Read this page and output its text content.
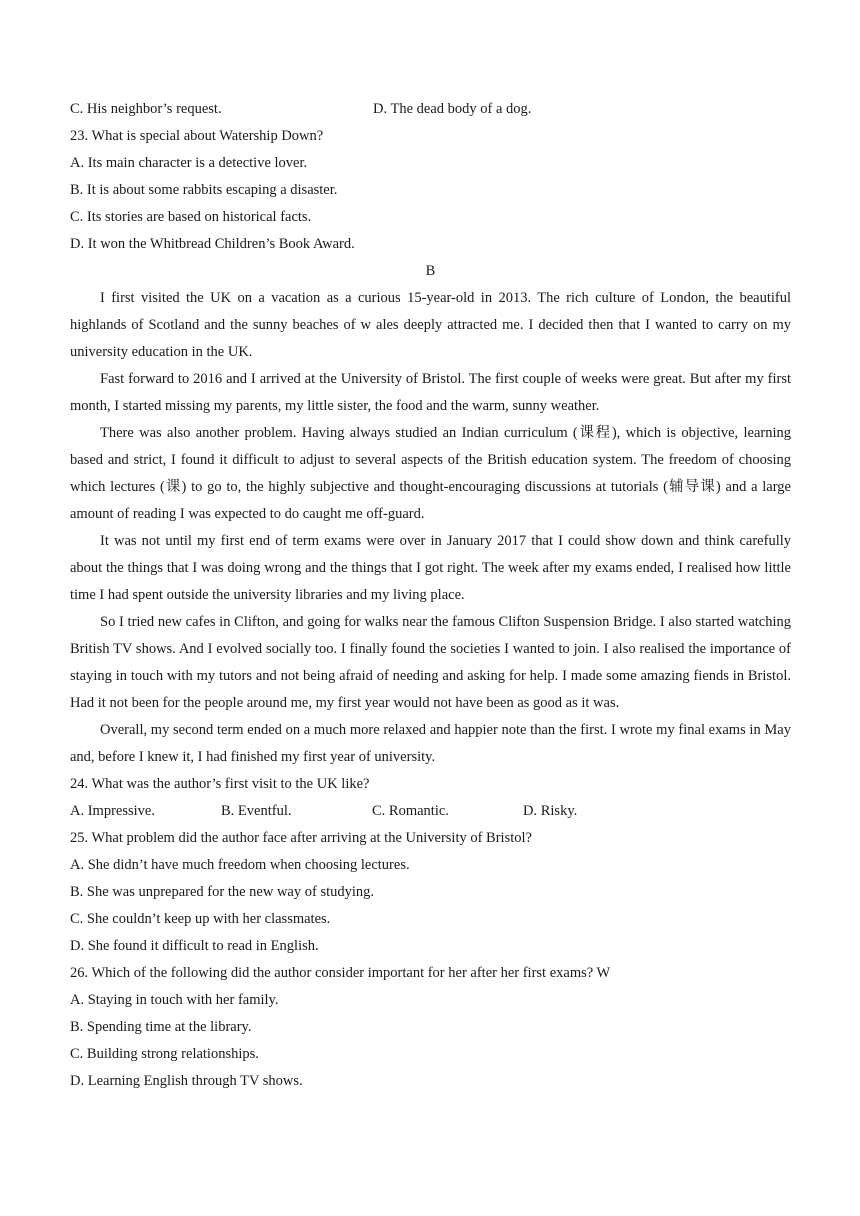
C. His neighbor’s request.	D. The dead body of a dog.
23. What is special about Watership Down?
A. Its main character is a detective lover.
B. It is about some rabbits escaping a disaster.
C. Its stories are based on historical facts.
D. It won the Whitbread Children’s Book Award.
B

I first visited the UK on a vacation as a curious 15-year-old in 2013. The rich culture of London, the beautiful highlands of Scotland and the sunny beaches of w ales deeply attracted me. I decided then that I wanted to carry on my university education in the UK.

Fast forward to 2016 and I arrived at the University of Bristol. The first couple of weeks were great. But after my first month, I started missing my parents, my little sister, the food and the warm, sunny weather.

There was also another problem. Having always studied an Indian curriculum (课程), which is objective, learning based and strict, I found it difficult to adjust to several aspects of the British education system. The freedom of choosing which lectures (课) to go to, the highly subjective and thought-encouraging discussions at tutorials (辅导课) and a large amount of reading I was expected to do caught me off-guard.

It was not until my first end of term exams were over in January 2017 that I could show down and think carefully about the things that I was doing wrong and the things that I got right. The week after my exams ended, I realised how little time I had spent outside the university libraries and my living place.

So I tried new cafes in Clifton, and going for walks near the famous Clifton Suspension Bridge. I also started watching British TV shows. And I evolved socially too. I finally found the societies I wanted to join. I also realised the importance of staying in touch with my tutors and not being afraid of needing and asking for help. I made some amazing fiends in Bristol. Had it not been for the people around me, my first year would not have been as good as it was.

Overall, my second term ended on a much more relaxed and happier note than the first. I wrote my final exams in May and, before I knew it, I had finished my first year of university.

24. What was the author’s first visit to the UK like?
A. Impressive.	B. Eventful.	C. Romantic.	D. Risky.
25. What problem did the author face after arriving at the University of Bristol?
A. She didn’t have much freedom when choosing lectures.
B. She was unprepared for the new way of studying.
C. She couldn’t keep up with her classmates.
D. She found it difficult to read in English.
26. Which of the following did the author consider important for her after her first exams? W
A. Staying in touch with her family.
B. Spending time at the library.
C. Building strong relationships.
D. Learning English through TV shows.
